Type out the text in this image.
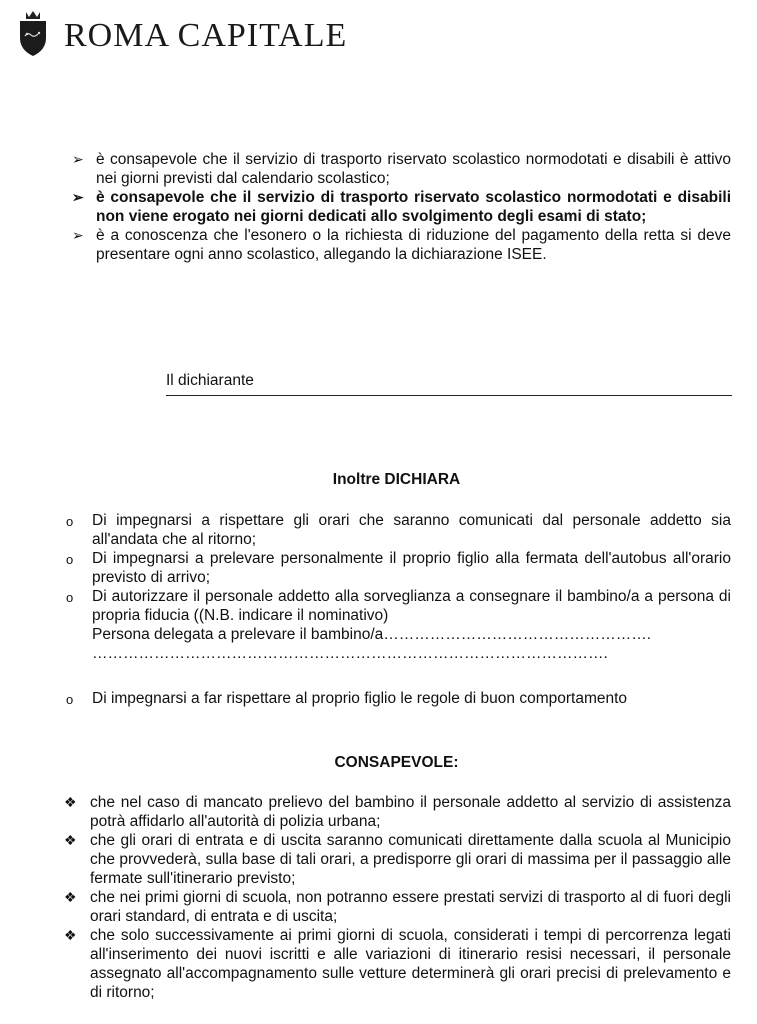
ROMA CAPITALE
➢ è consapevole che il servizio di trasporto riservato scolastico normodotati e disabili è attivo nei giorni previsti dal calendario scolastico;
➢ è consapevole che il servizio di trasporto riservato scolastico normodotati e disabili non viene erogato nei giorni dedicati allo svolgimento degli esami di stato;
➢ è a conoscenza che l'esonero o la richiesta di riduzione del pagamento della retta si deve presentare ogni anno scolastico, allegando la dichiarazione ISEE.
Il dichiarante
Inoltre DICHIARA
o Di impegnarsi a rispettare gli orari che saranno comunicati dal personale addetto sia all'andata che al ritorno;
o Di impegnarsi a prelevare personalmente il proprio figlio alla fermata dell'autobus all'orario previsto di arrivo;
o Di autorizzare il personale addetto alla sorveglianza a consegnare il bambino/a a persona di propria fiducia ((N.B. indicare il nominativo)
Persona delegata a prelevare il bambino/a…………………………………………….
……………………………………………………………………………………….
o Di impegnarsi a far rispettare al proprio figlio le regole di buon comportamento
CONSAPEVOLE:
❖ che nel caso di mancato prelievo del bambino il personale addetto al servizio di assistenza potrà affidarlo all'autorità di polizia urbana;
❖ che gli orari di entrata e di uscita saranno comunicati direttamente dalla scuola al Municipio che provvederà, sulla base di tali orari, a predisporre gli orari di massima per il passaggio alle fermate sull'itinerario previsto;
❖ che nei primi giorni di scuola, non potranno essere prestati servizi di trasporto al di fuori degli orari standard, di entrata e di uscita;
❖ che solo successivamente ai primi giorni di scuola, considerati i tempi di percorrenza legati all'inserimento dei nuovi iscritti e alle variazioni di itinerario resisi necessari, il personale assegnato all'accompagnamento sulle vetture determinerà gli orari precisi di prelevamento e di ritorno;
